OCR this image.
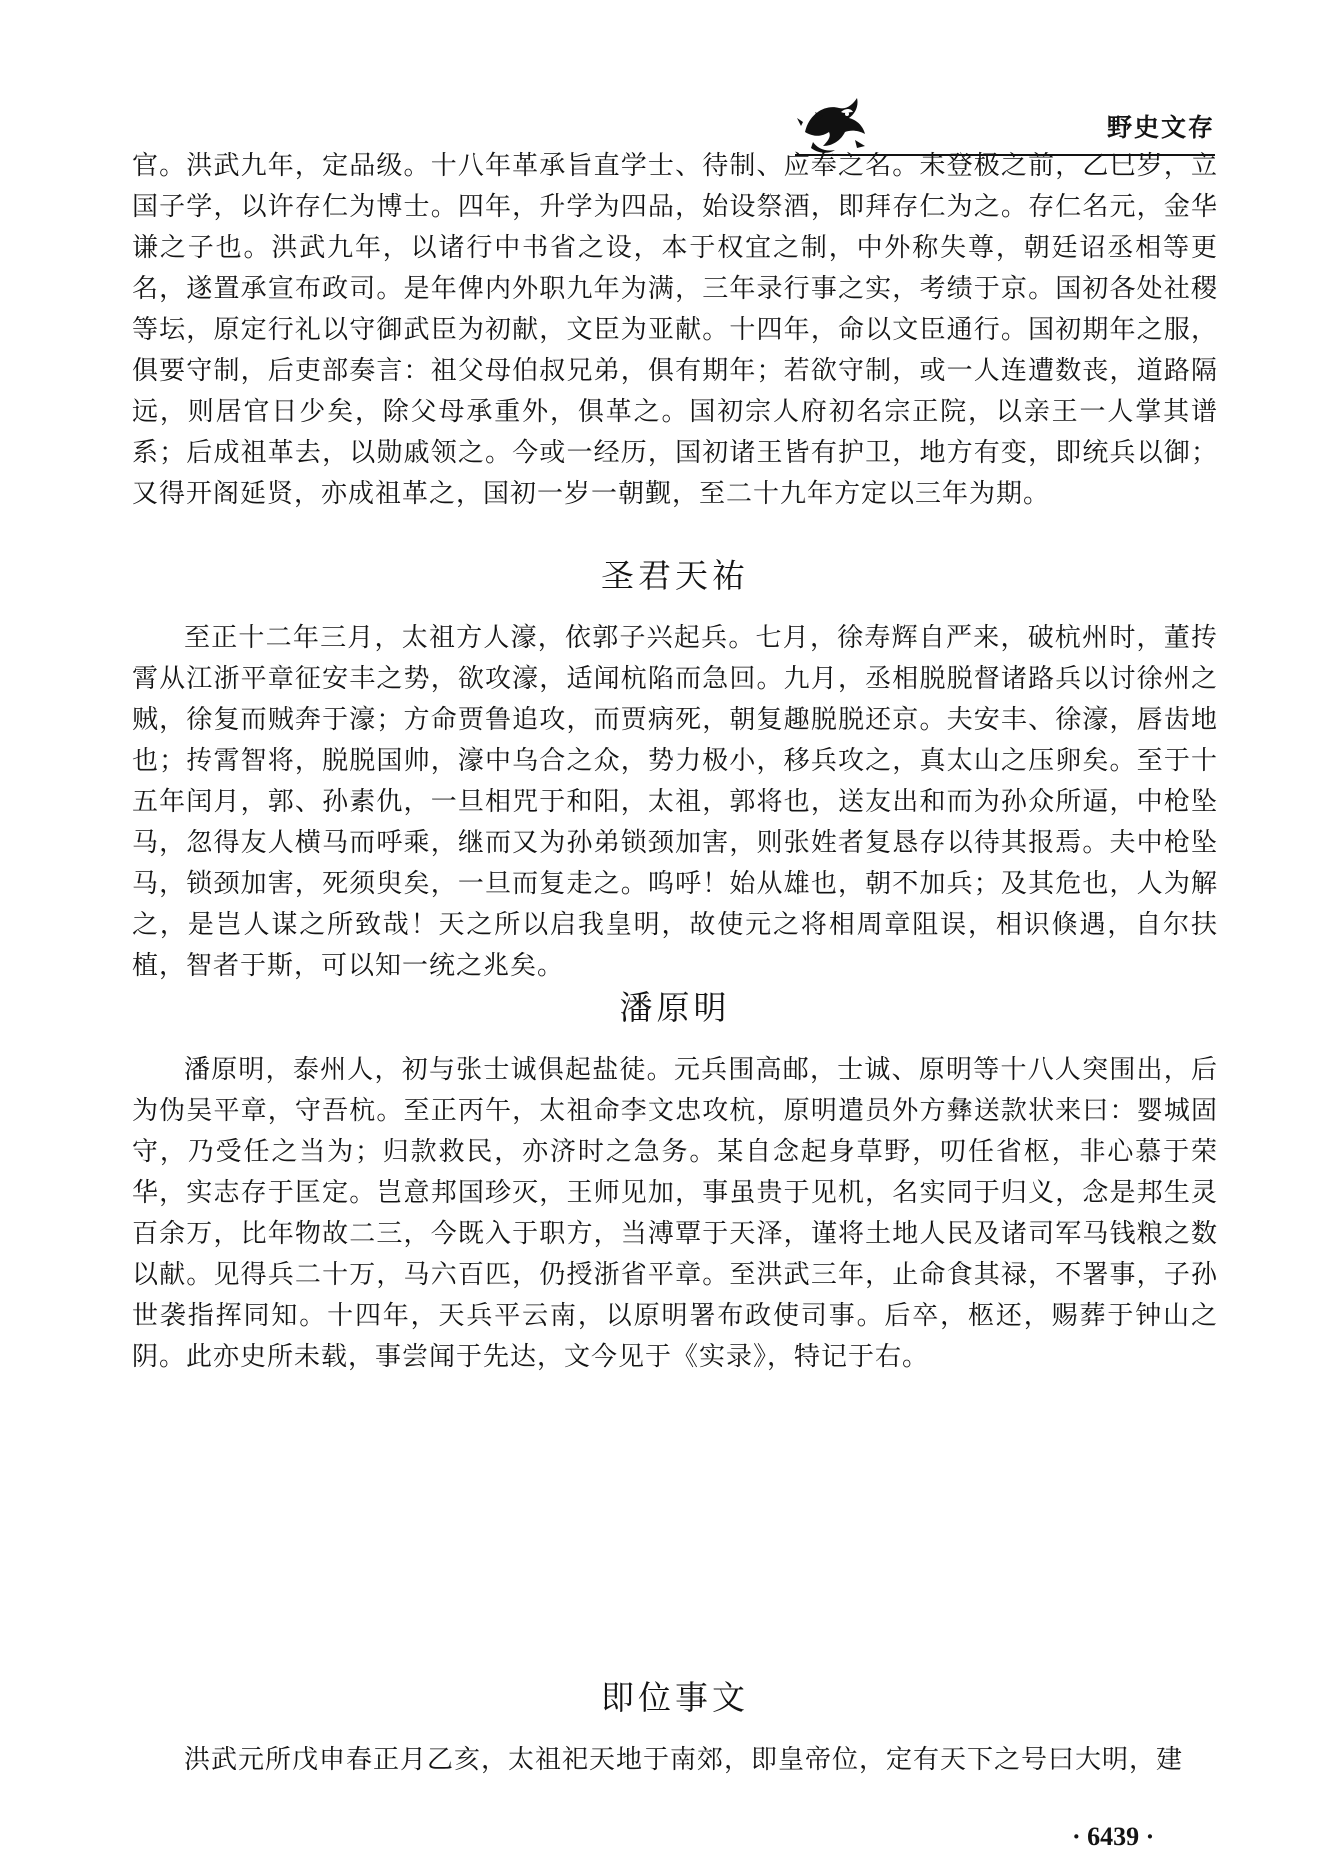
野史文存

官。洪武九年，定品级。十八年革承旨直学士、待制、应奉之名。未登极之前，乙巳岁，立国子学，以许存仁为博士。四年，升学为四品，始设祭酒，即拜存仁为之。存仁名元，金华谦之子也。洪武九年，以诸行中书省之设，本于权宜之制，中外称失尊，朝廷诏丞相等更名，遂置承宣布政司。是年俾内外职九年为满，三年录行事之实，考绩于京。国初各处社稷等坛，原定行礼以守御武臣为初献，文臣为亚献。十四年，命以文臣通行。国初期年之服，俱要守制，后吏部奏言：祖父母伯叔兄弟，俱有期年；若欲守制，或一人连遭数丧，道路隔远，则居官日少矣，除父母承重外，俱革之。国初宗人府初名宗正院，以亲王一人掌其谱系；后成祖革去，以勋戚领之。今或一经历，国初诸王皆有护卫，地方有变，即统兵以御；又得开阁延贤，亦成祖革之，国初一岁一朝觐，至二十九年方定以三年为期。

圣君天祐

至正十二年三月，太祖方人濠，依郭子兴起兵。七月，徐寿辉自严来，破杭州时，董抟霄从江浙平章征安丰之势，欲攻濠，适闻杭陷而急回。九月，丞相脱脱督诸路兵以讨徐州之贼，徐复而贼奔于濠；方命贾鲁追攻，而贾病死，朝复趣脱脱还京。夫安丰、徐濠，唇齿地也；抟霄智将，脱脱国帅，濠中乌合之众，势力极小，移兵攻之，真太山之压卵矣。至于十五年闰月，郭、孙素仇，一旦相咒于和阳，太祖，郭将也，送友出和而为孙众所逼，中枪坠马，忽得友人横马而呼乘，继而又为孙弟锁颈加害，则张姓者复恳存以待其报焉。夫中枪坠马，锁颈加害，死须臾矣，一旦而复走之。呜呼！始从雄也，朝不加兵；及其危也，人为解之，是岂人谋之所致哉！天之所以启我皇明，故使元之将相周章阻误，相识倏遇，自尔扶植，智者于斯，可以知一统之兆矣。

潘原明

潘原明，泰州人，初与张士诚俱起盐徒。元兵围高邮，士诚、原明等十八人突围出，后为伪吴平章，守吾杭。至正丙午，太祖命李文忠攻杭，原明遣员外方彝送款状来曰：婴城固守，乃受任之当为；归款救民，亦济时之急务。某自念起身草野，叨任省枢，非心慕于荣华，实志存于匡定。岂意邦国珍灭，王师见加，事虽贵于见机，名实同于归义，念是邦生灵百余万，比年物故二三，今既入于职方，当溥覃于天泽，谨将土地人民及诸司军马钱粮之数以献。见得兵二十万，马六百匹，仍授浙省平章。至洪武三年，止命食其禄，不署事，子孙世袭指挥同知。十四年，天兵平云南，以原明署布政使司事。后卒，柩还，赐葬于钟山之阴。此亦史所未载，事尝闻于先达，文今见于《实录》，特记于右。

即位事文

洪武元所戊申春正月乙亥，太祖祀天地于南郊，即皇帝位，定有天下之号曰大明，建

· 6439 ·
